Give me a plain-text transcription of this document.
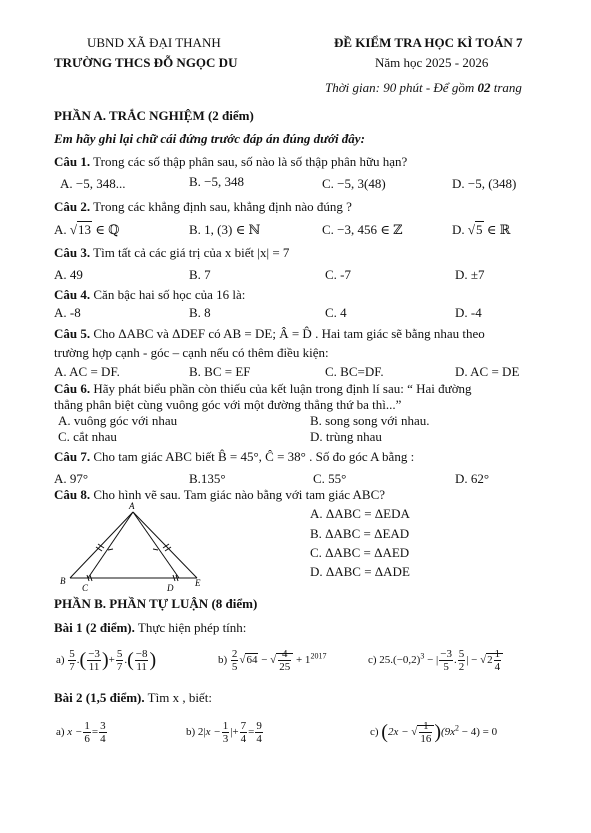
UBND XÃ ĐẠI THANH
TRƯỜNG THCS ĐỖ NGỌC DU
ĐỀ KIỂM TRA HỌC KÌ TOÁN 7
Năm học 2025 - 2026
Thời gian: 90 phút - Để gồm 02 trang
PHẦN A. TRẮC NGHIỆM (2 điểm)
Em hãy ghi lại chữ cái đứng trước đáp án đúng dưới đây:
Câu 1. Trong các số thập phân sau, số nào là số thập phân hữu hạn?
A. −5, 348...	B. −5, 348	C. −5, 3(48)	D. −5, (348)
Câu 2. Trong các khẳng định sau, khẳng định nào đúng ?
A. √13 ∈ ℚ	B. 1, (3) ∈ ℕ	C. −3, 456 ∈ ℤ	D. √5 ∈ ℝ
Câu 3. Tìm tất cả các giá trị của x biết |x| = 7
A. 49	B. 7	C. -7	D. ±7
Câu 4. Căn bậc hai số học của 16 là:
A. -8	B. 8	C. 4	D. -4
Câu 5. Cho ΔABC và ΔDEF có AB = DE; Â = D̂ . Hai tam giác sẽ bằng nhau theo
trường hợp cạnh - góc – cạnh nếu có thêm điều kiện:
A. AC = DF.	B. BC = EF	C. BC=DF.	D. AC = DE
Câu 6. Hãy phát biểu phần còn thiếu của kết luận trong định lí sau: “ Hai đường
thẳng phân biệt cùng vuông góc với một đường thẳng thứ ba thì...”
A. vuông góc với nhau	B. song song với nhau.
C. cắt nhau	D. trùng nhau
Câu 7. Cho tam giác ABC biết B̂ = 45°, Ĉ = 38° . Số đo góc A bằng :
A. 97°	B.135°	C. 55°	D. 62°
Câu 8. Cho hình vẽ sau. Tam giác nào bằng với tam giác ABC?
A. ΔABC = ΔEDA
B. ΔABC = ΔEAD
C. ΔABC = ΔAED
D. ΔABC = ΔADE
A
B
C	D E
PHẦN B. PHẦN TỰ LUẬN (8 điểm)
Bài 1 (2 điểm). Thực hiện phép tính:
$a) \frac{5}{7}$ .( $\frac{-3}{11}$ )+ $\frac{5}{7}$ .( $\frac{-8}{11}$ )	$b) \frac{2}{5} √64$ − √ $\frac{4}{25} + 1^{2017}$	c) $25.(-0,2)^3$ − | $\frac{-3}{5}$ . $\frac{5}{2}$ | − $√2 \frac{1}{4}$
Bài 2 (1,5 điểm). Tìm x , biết:
a) $x - \frac{1}{6} = \frac{3}{4}$	b) $2|x - \frac{1}{3}$ |+ $\frac{7}{4} = \frac{9}{4}$	c) (2x − √ $\frac{1}{16} )(9x^2 - 4) = 0$
